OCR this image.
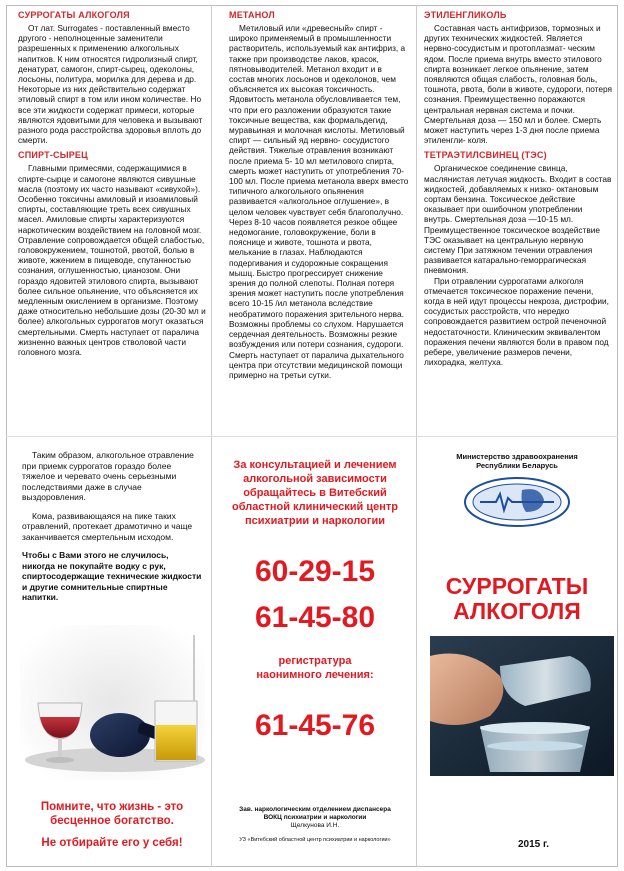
СУРРОГАТЫ АЛКОГОЛЯ

От лат. Surrogates - поставленный вместо другого - неполноценные заменители разрешенных к применению алкогольных напитков. К ним относятся гидролизный спирт, денатурат, самогон, спирт-сырец, одеколоны, лосьоны, политура, морилка для дерева и др. Некоторые из них действительно содержат этиловый спирт в том или ином количестве. Но все эти жидкости содержат примеси, которые являются ядовитыми для человека и вызывают разного рода расстройства здоровья вплоть до смерти.

СПИРТ-СЫРЕЦ

Главными примесями, содержащимися в спирте-сырце и самогоне являются сивушные масла (поэтому их часто называют «сивухой»). Особенно токсичны амиловый и изоамиловый спирты, составляющие треть всех сивушных масел. Амиловые спирты характеризуются наркотическим воздействием на головной мозг. Отравление сопровождается общей слабостью, головокружением, тошнотой, рвотой, болью в животе, жжением в пищеводе, спутанностью сознания, оглушенностью, цианозом. Они гораздо ядовитей этилового спирта, вызывают более сильное опьянение, что объясняется их медленным окислением в организме. Поэтому даже относительно небольшие дозы (20-30 мл и более) алкогольных суррогатов могут оказаться смертельными. Смерть наступает от паралича жизненно важных центров стволовой части головного мозга.

МЕТАНОЛ

Метиловый или «древесный» спирт - широко применяемый в промышленности растворитель, используемый как антифриз, а также при производстве лаков, красок, пятновыводителей. Метанол входит и в состав многих лосьонов и одеколонов, чем объясняется их высокая токсичность. Ядовитость метанола обусловливается тем, что при его разложении образуются такие токсичные вещества, как формальдегид, муравьиная и молочная кислоты. Метиловый спирт — сильный яд нервно- сосудистого действия. Тяжелые отравления возникают после приема 5- 10 мл метилового спирта, смерть может наступить от употребления 70-100 мл. После приема метанола вверх вместо типичного алкогольного опьянения развивается «алкогольное оглушение», в целом человек чувствует себя благополучно. Через 8-10 часов появляется резкое общее недомогание, головокружение, боли в пояснице и животе, тошнота и рвота, мелькание в глазах. Наблюдаются подергивания и судорожные сокращения мышц. Быстро прогрессирует снижение зрения до полной слепоты. Полная потеря зрения может наступить после употребления всего 10-15 /ил метанола вследствие необратимого поражения зрительного нерва. Возможны проблемы со слухом. Нарушается сердечная деятельность. Возможны резкие возбуждения или потери сознания, судороги. Смерть наступает от паралича дыхательного центра при отсутствии медицинской помощи примерно на третьи сутки.

ЭТИЛЕНГЛИКОЛЬ

Составная часть антифризов, тормозных и других технических жидкостей. Является нервно-сосудистым и протоплазмат- ческим ядом. После приема внутрь вместо этилового спирта возникает легкое опьянение, затем появляются общая слабость, головная боль, тошнота, рвота, боли в животе, судороги, потеря сознания. Преимущественно поражаются центральная нервная система и почки. Смертельная доза — 150 мл и более. Смерть может наступить через 1-3 дня после приема этиленгли- коля.

ТЕТРАЭТИЛСВИНЕЦ (ТЭС)

Органическое соединение свинца, маслянистая летучая жидкость. Входит в состав жидкостей, добавляемых к низко- октановым сортам бензина. Токсическое действие оказывает при ошибочном употреблении внутрь. Смертельная доза —10-15 мл. Преимущественное токсическое воздействие ТЭС оказывает на центральную нервную систему При затяжном течении отравления развивается катарально-геморрагическая пневмония.

При отравлении суррогатами алкоголя отмечается токсическое поражение печени, когда в ней идут процессы некроза, дистрофии, сосудистых расстройств, что нередко сопровождается развитием острой печеночной недостаточности. Клиническим эквивалентом поражения печени являются боли в правом под ребере, увеличение размеров печени, лихорадка, желтуха.

Таким образом, алкогольное отравление при приемк суррогатов гораздо более тяжелое и черевато очень серьезными последствиями даже в случае выздоровления.

Кома, развивающаяся на пике таких отравлений, протекает драмотично и чаще заканчивается смертельным исходом.

Чтобы с Вами этого не случилось, никогда не покупайте водку с рук, спиртосодержащие технические жидкости и другие сомнительные спиртные напитки.

Помните, что жизнь - это бесценное богатство.
Не отбирайте его у себя!
За консультацией и лечением алкогольной зависимости обращайтесь в Витебский областной клинический центр психиатрии и наркологии
60-29-15
61-45-80
регистратура наонимного лечения:
61-45-76
Зав. наркологическим отделением диспансера
ВОКЦ психиатрии и наркологии
Щелкунова И.Н.
УЗ «Витебский областной центр психиатрии и наркологии»
Министерство здравоохранения Республики Беларусь
СУРРОГАТЫ АЛКОГОЛЯ
2015 г.
